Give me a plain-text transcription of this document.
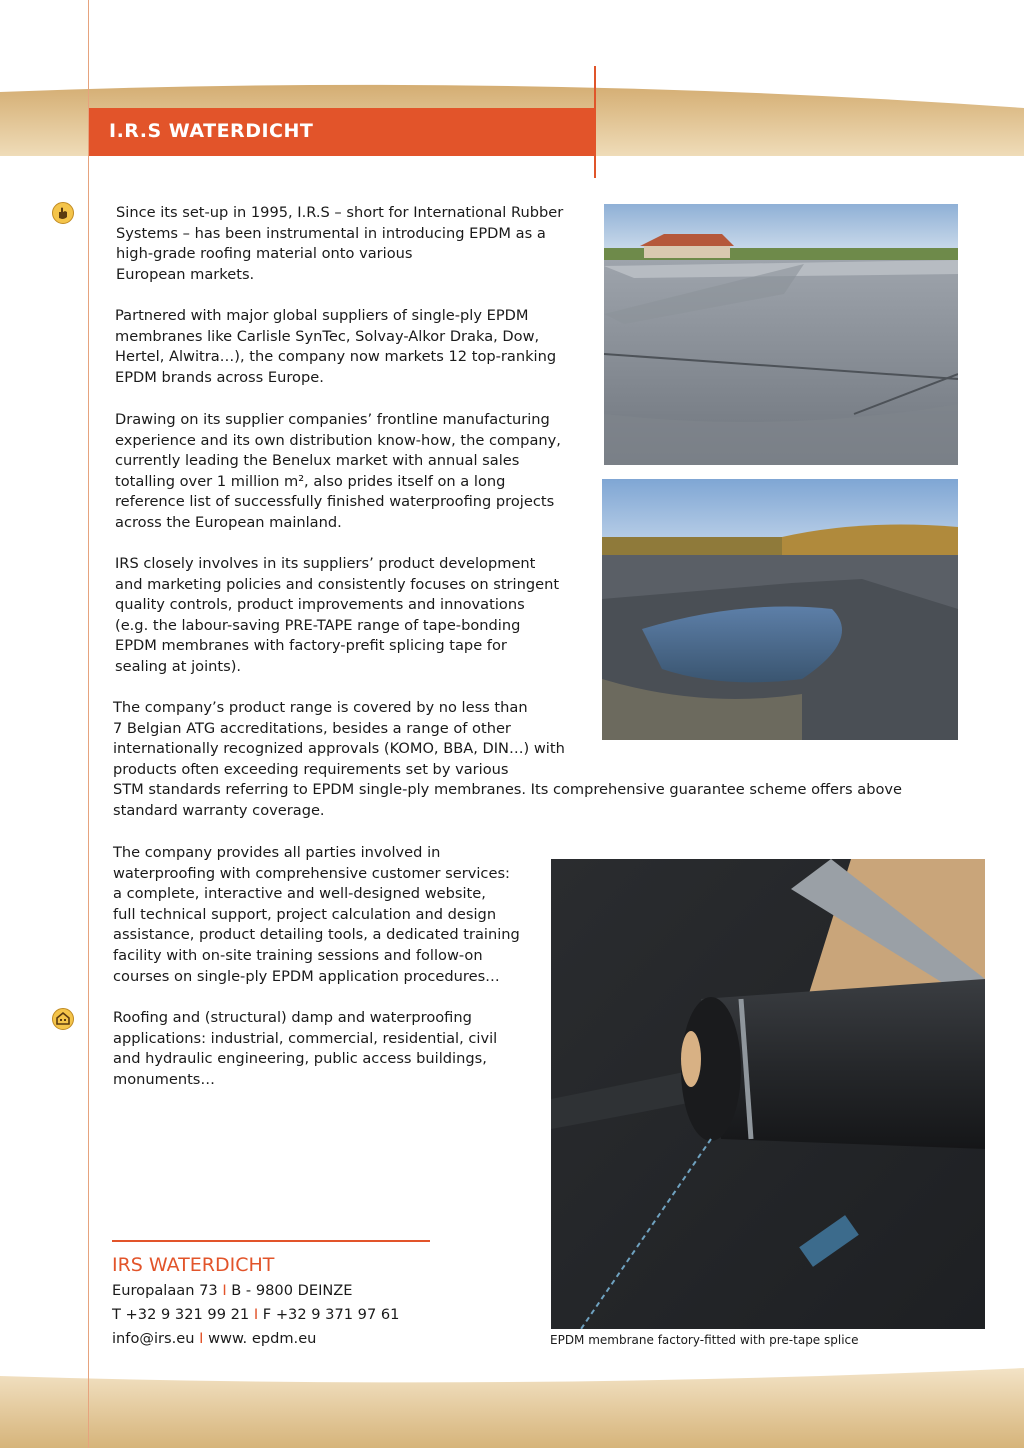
I.R.S WATERDICHT
Since its set-up in 1995, I.R.S – short for International Rubber
Systems – has been instrumental in introducing EPDM as a
high-grade roofing material onto various
European markets.
Partnered with major global suppliers of single-ply EPDM
membranes like Carlisle SynTec, Solvay-Alkor Draka, Dow,
Hertel, Alwitra…), the company now markets 12 top-ranking
EPDM brands across Europe.
Drawing on its supplier companies’ frontline manufacturing
experience and its own distribution know-how, the company,
currently leading the Benelux market with annual sales
totalling over 1 million m², also prides itself on a long
reference list of successfully finished waterproofing projects
across the European mainland.
IRS closely involves in its suppliers’ product development
and marketing policies and consistently focuses on stringent
quality controls, product improvements and innovations
(e.g. the labour-saving PRE-TAPE range of tape-bonding
EPDM membranes with factory-prefit splicing tape for
sealing at joints).
The company’s product range is covered by no less than
7 Belgian ATG accreditations, besides a range of other
internationally recognized approvals (KOMO, BBA, DIN…) with
products often exceeding requirements set by various
STM standards referring to EPDM single-ply membranes. Its comprehensive guarantee scheme offers above
standard warranty coverage.
The company provides all parties involved in
waterproofing with comprehensive customer services:
a complete, interactive and well-designed website,
full technical support, project calculation and design
assistance, product detailing tools, a dedicated training
facility with on-site training sessions and follow-on
courses on single-ply EPDM application procedures…
Roofing and (structural) damp and waterproofing
applications: industrial, commercial, residential, civil
and hydraulic engineering, public access buildings,
monuments…
EPDM membrane factory-fitted with pre-tape splice
IRS WATERDICHT
Europalaan 73 I B - 9800 DEINZE
T +32 9 321 99 21 I F +32 9 371 97 61
info@irs.eu I www. epdm.eu
